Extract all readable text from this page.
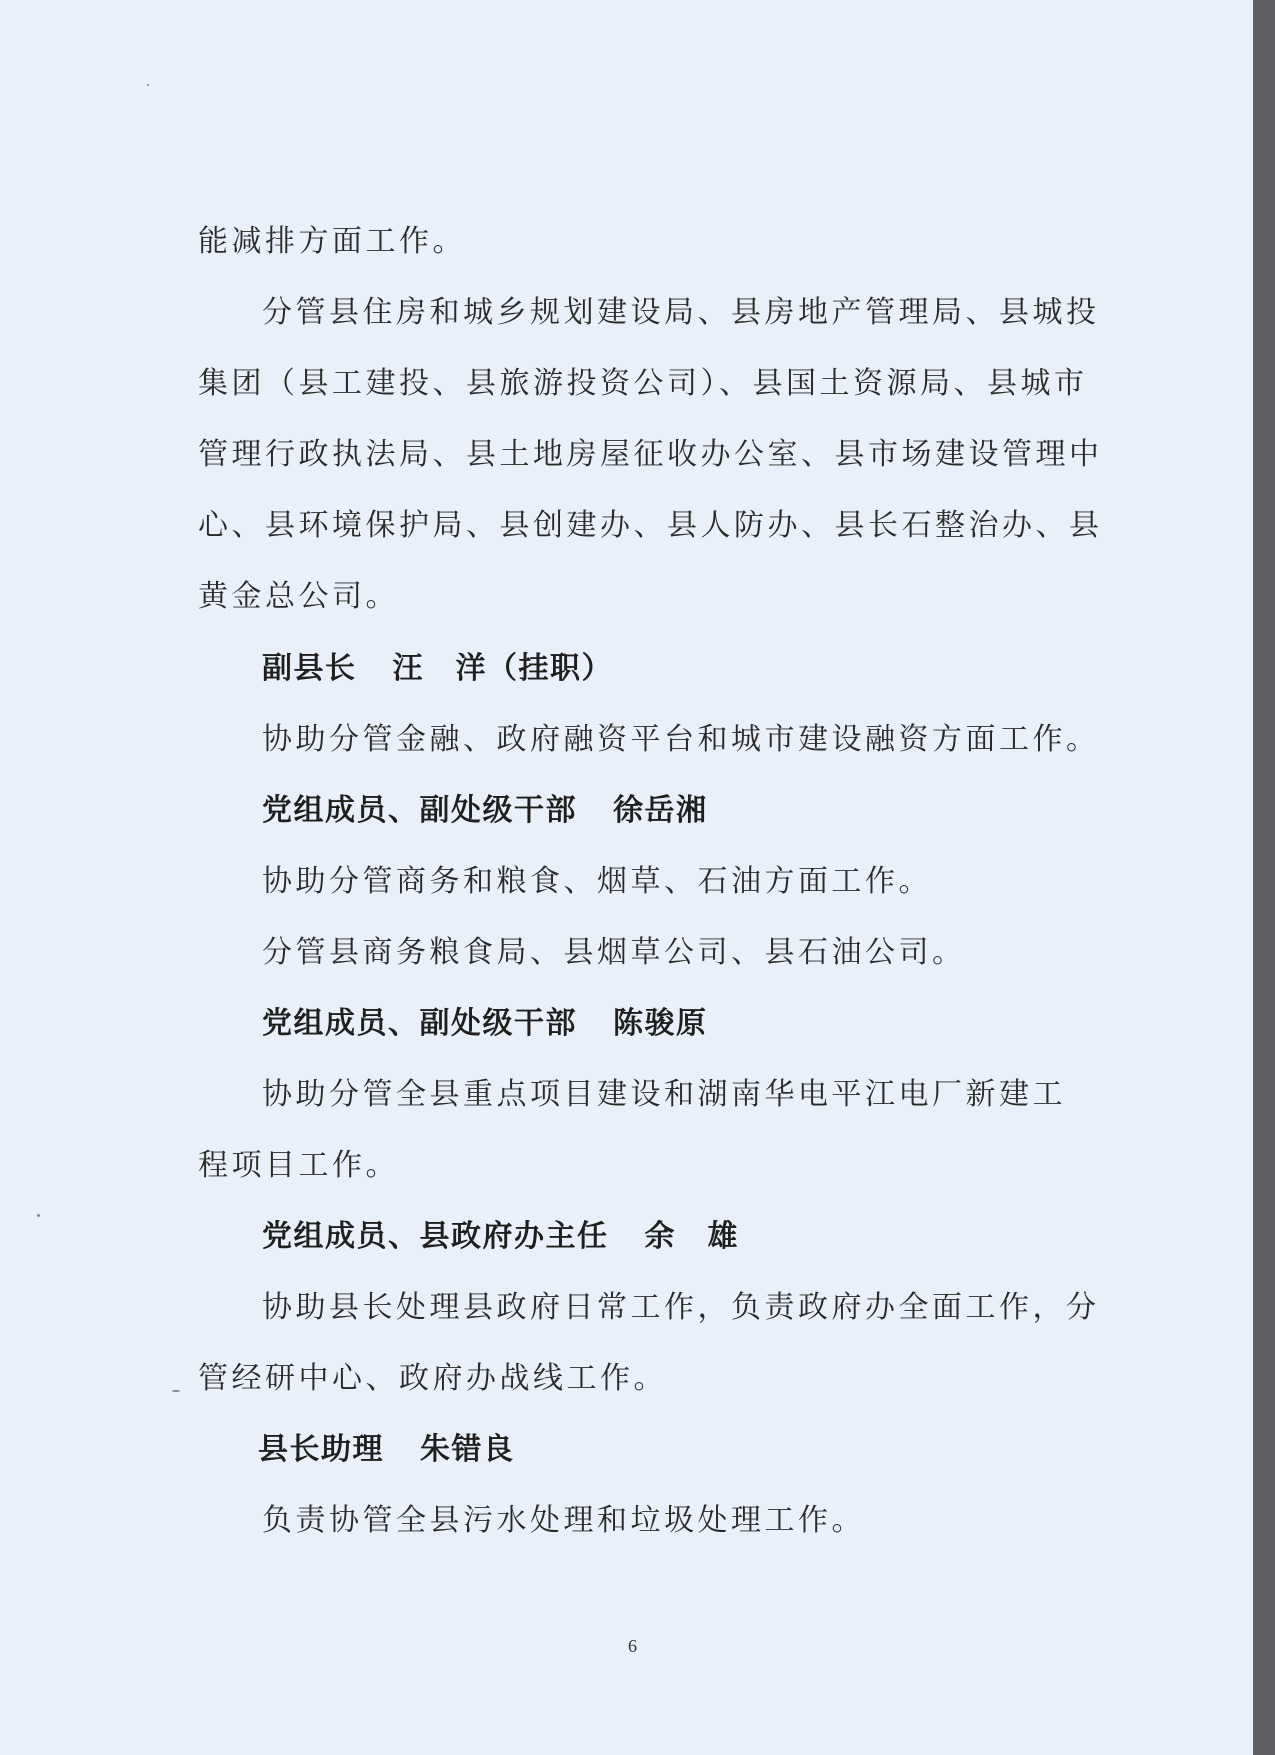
能减排方面工作。
分管县住房和城乡规划建设局、县房地产管理局、县城投
集团（县工建投、县旅游投资公司）、县国土资源局、县城市
管理行政执法局、县土地房屋征收办公室、县市场建设管理中
心、县环境保护局、县创建办、县人防办、县长石整治办、县
黄金总公司。
副县长 汪　洋（挂职）
协助分管金融、政府融资平台和城市建设融资方面工作。
党组成员、副处级干部 徐岳湘
协助分管商务和粮食、烟草、石油方面工作。
分管县商务粮食局、县烟草公司、县石油公司。
党组成员、副处级干部 陈骏原
协助分管全县重点项目建设和湖南华电平江电厂新建工
程项目工作。
党组成员、县政府办主任 余　雄
协助县长处理县政府日常工作，负责政府办全面工作，分
管经研中心、政府办战线工作。
县长助理 朱错良
负责协管全县污水处理和垃圾处理工作。
6
